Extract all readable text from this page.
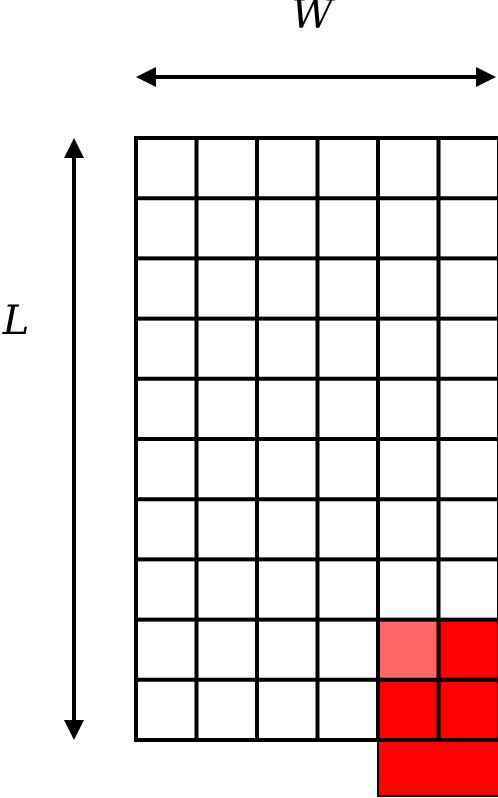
W
L
